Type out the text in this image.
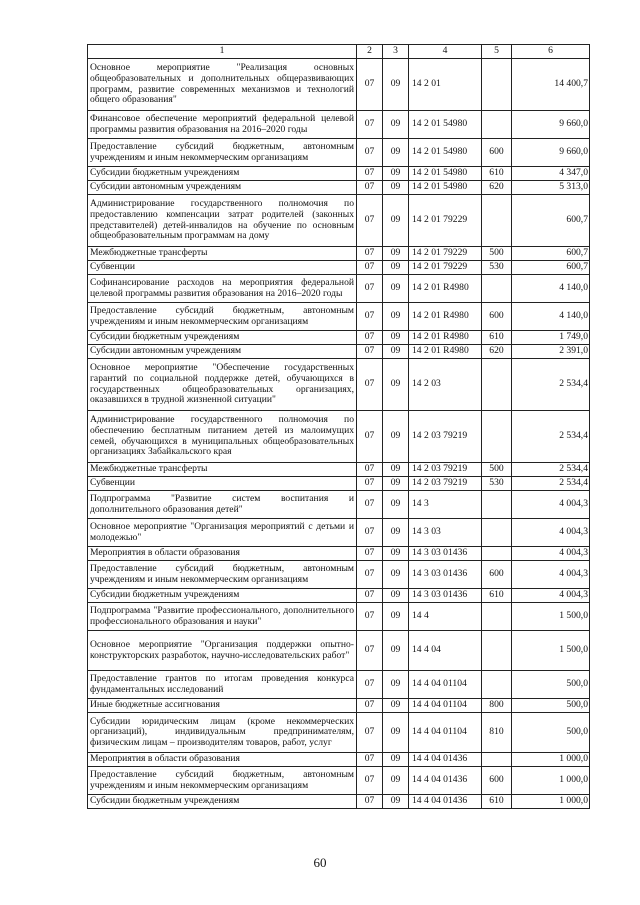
1	2	3	4	5	6
Основное мероприятие "Реализация основных общеобразовательных и дополнительных общеразвивающих программ, развитие современных механизмов и технологий общего образования"	07	09	14 2 01		14 400,7
Финансовое обеспечение мероприятий федеральной целевой программы развития образования на 2016–2020 годы	07	09	14 2 01 54980		9 660,0
Предоставление субсидий бюджетным, автономным учреждениям и иным некоммерческим организациям	07	09	14 2 01 54980	600	9 660,0
Субсидии бюджетным учреждениям	07	09	14 2 01 54980	610	4 347,0
Субсидии автономным учреждениям	07	09	14 2 01 54980	620	5 313,0
Администрирование государственного полномочия по предоставлению компенсации затрат родителей (законных представителей) детей-инвалидов на обучение по основным общеобразовательным программам на дому	07	09	14 2 01 79229		600,7
Межбюджетные трансферты	07	09	14 2 01 79229	500	600,7
Субвенции	07	09	14 2 01 79229	530	600,7
Софинансирование расходов на мероприятия федеральной целевой программы развития образования на 2016–2020 годы	07	09	14 2 01 R4980		4 140,0
Предоставление субсидий бюджетным, автономным учреждениям и иным некоммерческим организациям	07	09	14 2 01 R4980	600	4 140,0
Субсидии бюджетным учреждениям	07	09	14 2 01 R4980	610	1 749,0
Субсидии автономным учреждениям	07	09	14 2 01 R4980	620	2 391,0
Основное мероприятие "Обеспечение государственных гарантий по социальной поддержке детей, обучающихся в государственных общеобразовательных организациях, оказавшихся в трудной жизненной ситуации"	07	09	14 2 03		2 534,4
Администрирование государственного полномочия по обеспечению бесплатным питанием детей из малоимущих семей, обучающихся в муниципальных общеобразовательных организациях Забайкальского края	07	09	14 2 03 79219		2 534,4
Межбюджетные трансферты	07	09	14 2 03 79219	500	2 534,4
Субвенции	07	09	14 2 03 79219	530	2 534,4
Подпрограмма "Развитие систем воспитания и дополнительного образования детей"	07	09	14 3		4 004,3
Основное мероприятие "Организация мероприятий с детьми и молодежью"	07	09	14 3 03		4 004,3
Мероприятия в области образования	07	09	14 3 03 01436		4 004,3
Предоставление субсидий бюджетным, автономным учреждениям и иным некоммерческим организациям	07	09	14 3 03 01436	600	4 004,3
Субсидии бюджетным учреждениям	07	09	14 3 03 01436	610	4 004,3
Подпрограмма "Развитие профессионального, дополнительного профессионального образования и науки"	07	09	14 4		1 500,0
Основное мероприятие "Организация поддержки опытно-конструкторских разработок, научно-исследовательских работ"	07	09	14 4 04		1 500,0
Предоставление грантов по итогам проведения конкурса фундаментальных исследований	07	09	14 4 04 01104		500,0
Иные бюджетные ассигнования	07	09	14 4 04 01104	800	500,0
Субсидии юридическим лицам (кроме некоммерческих организаций), индивидуальным предпринимателям, физическим лицам – производителям товаров, работ, услуг	07	09	14 4 04 01104	810	500,0
Мероприятия в области образования	07	09	14 4 04 01436		1 000,0
Предоставление субсидий бюджетным, автономным учреждениям и иным некоммерческим организациям	07	09	14 4 04 01436	600	1 000,0
Субсидии бюджетным учреждениям	07	09	14 4 04 01436	610	1 000,0
60
